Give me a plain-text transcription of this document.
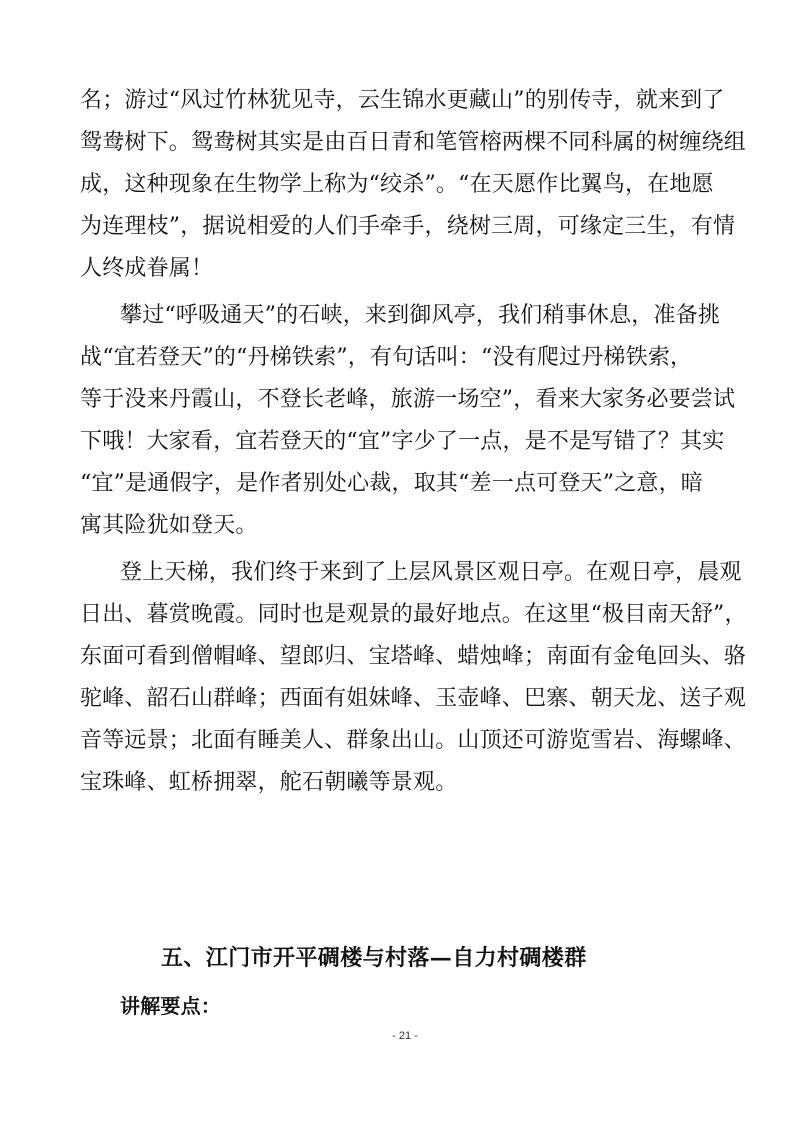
名；游过“风过竹林犹见寺，云生锦水更藏山”的别传寺，就来到了
鸳鸯树下。鸳鸯树其实是由百日青和笔管榕两棵不同科属的树缠绕组
成，这种现象在生物学上称为“绞杀”。“在天愿作比翼鸟，在地愿
为连理枝”，据说相爱的人们手牵手，绕树三周，可缘定三生，有情
人终成眷属！
攀过“呼吸通天”的石峡，来到御风亭，我们稍事休息，准备挑
战“宜若登天”的“丹梯铁索”，有句话叫：“没有爬过丹梯铁索，
等于没来丹霞山，不登长老峰，旅游一场空”，看来大家务必要尝试
下哦！大家看，宜若登天的“宜”字少了一点，是不是写错了？其实
“宜”是通假字，是作者别处心裁，取其“差一点可登天”之意，暗
寓其险犹如登天。
登上天梯，我们终于来到了上层风景区观日亭。在观日亭，晨观
日出、暮赏晚霞。同时也是观景的最好地点。在这里“极目南天舒”，
东面可看到僧帽峰、望郎归、宝塔峰、蜡烛峰；南面有金龟回头、骆
驼峰、韶石山群峰；西面有姐妹峰、玉壶峰、巴寨、朝天龙、送子观
音等远景；北面有睡美人、群象出山。山顶还可游览雪岩、海螺峰、
宝珠峰、虹桥拥翠，舵石朝曦等景观。
五、江门市开平碉楼与村落—自力村碉楼群
讲解要点：
- 21 -
